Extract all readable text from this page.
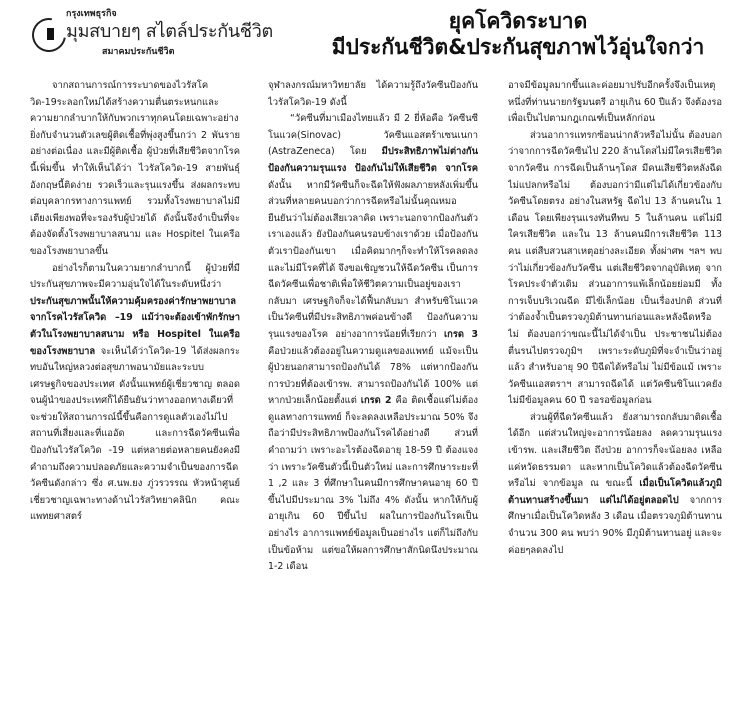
กรุงเทพธุรกิจ
มุมสบายๆ สไตล์ประกันชีวิต
สมาคมประกันชีวิต
ยุคโควิดระบาด
มีประกันชีวิต&ประกันสุขภาพไว้อุ่นใจกว่า

จากสถานการณ์การระบาดของไวรัสโควิด-19ระลอกใหม่ได้สร้างความตื่นตระหนกและความยากลำบากให้กับพวกเราทุกคนโดยเฉพาะอย่างยิ่งกับจำนวนตัวเลขผู้ติดเชื้อที่พุ่งสูงขึ้นกว่า 2 พันรายอย่างต่อเนื่อง และมีผู้ติดเชื้อ ผู้ป่วยที่เสียชีวิตจากโรคนี้เพิ่มขึ้น ทำให้เห็นได้ว่า ไวรัสโควิด-19 สายพันธุ์อังกฤษนี้ติดง่าย รวดเร็วและรุนแรงขึ้น ส่งผลกระทบต่อบุคลากรทางการแพทย์ รวมทั้งโรงพยาบาลไม่มีเตียงเพียงพอที่จะรองรับผู้ป่วยได้ ดังนั้นจึงจำเป็นที่จะต้องจัดตั้งโรงพยาบาลสนาม และ Hospitel ในเครือของโรงพยาบาลขึ้น

อย่างไรก็ตามในความยากลำบากนี้ ผู้ป่วยที่มีประกันสุขภาพจะมีความอุ่นใจได้ในระดับหนึ่งว่า ประกันสุขภาพนั้นให้ความคุ้มครองค่ารักษาพยาบาลจากโรคไวรัสโควิด –19 แม้ว่าจะต้องเข้าพักรักษาตัวในโรงพยาบาลสนาม หรือ Hospitel ในเครือของโรงพยาบาล จะเห็นได้ว่าโควิด-19 ได้ส่งผลกระทบอันใหญ่หลวงต่อสุขภาพอนามัยและระบบเศรษฐกิจของประเทศ ดังนั้นแพทย์ผู้เชี่ยวชาญ ตลอดจนผู้นำของประเทศก็ได้ยืนยันว่าทางออกทางเดียวที่จะช่วยให้สถานการณ์นี้ขึ้นคือการดูแลตัวเองไม่ไปสถานที่เสี่ยงและที่แออัด และการฉีดวัคซีนเพื่อป้องกันไวรัสโควิด -19 แต่หลายต่อหลายคนยังคงมีคำถามถึงความปลอดภัยและความจำเป็นของการฉีดวัคซีนดังกล่าว ซึ่ง ศ.นพ.ยง ภู่วรวรรณ หัวหน้าศูนย์เชี่ยวชาญเฉพาะทางด้านไวรัสวิทยาคลินิก คณะแพทยศาสตร์

จุฬาลงกรณ์มหาวิทยาลัย ได้ความรู้ถึงวัคซีนป้องกันไวรัสโควิด-19 ดังนี้

“วัคซีนที่มาเมืองไทยแล้ว มี 2 ยี่ห้อคือ วัคซีนซีโนแวค(Sinovac) วัคซีนแอสตร้าเซนเนกา (AstraZeneca) โดย มีประสิทธิภาพไม่ต่างกัน ป้องกันความรุนแรง ป้องกันไม่ให้เสียชีวิต จากโรคดังนั้น หากมีวัคซีนก็จะฉีดให้ฟังผลภายหลังเพิ่มขึ้น ส่วนที่หลายคนบอกว่าการฉีดหรือไม่นั้นคุณหมอยืนยันว่าไม่ต้องเสียเวลาคิด เพราะนอกจากป้องกันตัวเราเองแล้ว ยังป้องกันคนรอบข้างเราด้วย เมื่อป้องกันตัวเราป้องกันเขา เมื่อคิดมากๆก็จะทำให้โรคลดลง และไม่มีโรคที่ได้ จึงขอเชิญชวนให้ฉีดวัคซีน เป็นการฉีดวัคซีนเพื่อชาติเพื่อให้ชีวิตความเป็นอยู่ของเรากลับมา เศรษฐกิจก็จะได้ฟื้นกลับมา สำหรับซิโนแวคเป็นวัคซีนที่มีประสิทธิภาพค่อนข้างดี ป้องกันความรุนแรงของโรค อย่างอาการน้อยที่เรียกว่า เกรด 3 คือป่วยแล้วต้องอยู่ในความดูแลของแพทย์ แม้จะเป็นผู้ป่วยนอกสามารถป้องกันได้ 78% แต่หากป้องกันการป่วยที่ต้องเข้ารพ. สามารถป้องกันได้ 100% แต่หากป่วยเล็กน้อยตั้งแต่ เกรด 2 คือ ติดเชื้อแต่ไม่ต้องดูแลทางการแพทย์ ก็จะลดลงเหลือประมาณ 50% จึงถือว่ามีประสิทธิภาพป้องกันโรคได้อย่างดี ส่วนที่คำถามว่า เพราะอะไรต้องฉีดอายุ 18-59 ปี ต้องแจงว่า เพราะวัคซีนตัวนี้เป็นตัวใหม่ และการศึกษาระยะที่ 1 ,2 และ 3 ที่ศึกษาในคนมีการศึกษาคนอายุ 60 ปีขึ้นไปมีประมาณ 3% ไม่ถึง 4% ดังนั้น หากให้กับผู้อายุเกิน 60 ปีขึ้นไป ผลในการป้องกันโรคเป็นอย่างไร อาการแพทย์ข้อมูลเป็นอย่างไร แต่ก็ไม่ถึงกับเป็นข้อห้าม แต่ขอให้ผลการศึกษาสักนิดนึงประมาณ 1-2 เดือน

อาจมีข้อมูลมากขึ้นและค่อยมาปรับอีกครั้งจึงเป็นเหตุหนึ่งที่ท่านนายกรัฐมนตรี อายุเกิน 60 ปีแล้ว จึงต้องรอเพื่อเป็นไปตามกฎเกณฑ์เป็นหลักก่อน

ส่วนอาการแทรกซ้อนน่ากลัวหรือไม่นั้น ต้องบอกว่าจากการฉีดวัคซีนไป 220 ล้านโดสไม่มีใครเสียชีวิตจากวัคซีน การฉีดเป็นล้านๆโดส มีคนเสียชีวิตหลังฉีดไม่แปลกหรือไม่ ต้องบอกว่ามีแต่ไม่ได้เกี่ยวข้องกับวัคซีนโดยตรง อย่างในสหรัฐ ฉีดไป 13 ล้านคนใน 1 เดือน โดยเพียงรุนแรงทันทีพบ 5 ในล้านคน แต่ไม่มีใครเสียชีวิต และใน 13 ล้านคนมีการเสียชีวิต 113 คน แต่สืบสวนสาเหตุอย่างละเอียด ทั้งผ่าศพ ฯลฯ พบว่าไม่เกี่ยวข้องกับวัคซีน แต่เสียชีวิตจากอุบัติเหตุ จากโรคประจำตัวเดิม ส่วนอาการแพ้เล็กน้อยย่อมมี ทั้งการเจ็บบริเวณฉีด มีไข้เล็กน้อย เป็นเรื่องปกติ ส่วนที่ว่าต้องจ้ำเป็นตรวจภูมิต้านทานก่อนและหลังฉีดหรือไม่ ต้องบอกว่าขณะนี้ไม่ได้จำเป็น ประชาชนไม่ต้องตื่นรนไปตรวจภูมิฯ เพราะระดับภูมิที่จะจำเป็นว่าอยู่แล้ว สำหรับอายุ 90 ปีฉีดได้หรือไม่ ไม่มีข้อแม้ เพราะวัคซีนแอสตราฯ สามารถฉีดได้ แต่วัคซีนซิโนแวคยังไม่มีข้อมูลคน 60 ปี รอรอข้อมูลก่อน

ส่วนผู้ที่ฉีดวัคซีนแล้ว ยังสามารถกลับมาติดเชื้อได้อีก แต่ส่วนใหญ่จะอาการน้อยลง ลดความรุนแรงเข้ารพ. และเสียชีวิต ถึงป่วย อาการก็จะน้อยลง เหลือแค่หวัดธรรมดา และหากเป็นโควิดแล้วต้องฉีดวัคซีนหรือไม่ จากข้อมูล ณ ขณะนี้ เมื่อเป็นโควิดแล้วภูมิต้านทานสร้างขึ้นมา แต่ไม่ได้อยู่ตลอดไป จากการศึกษาเมื่อเป็นโควิดหลัง 3 เดือน เมื่อตรวจภูมิต้านทานจำนวน 300 คน พบว่า 90% มีภูมิต้านทานอยู่ และจะค่อยๆลดลงไป
